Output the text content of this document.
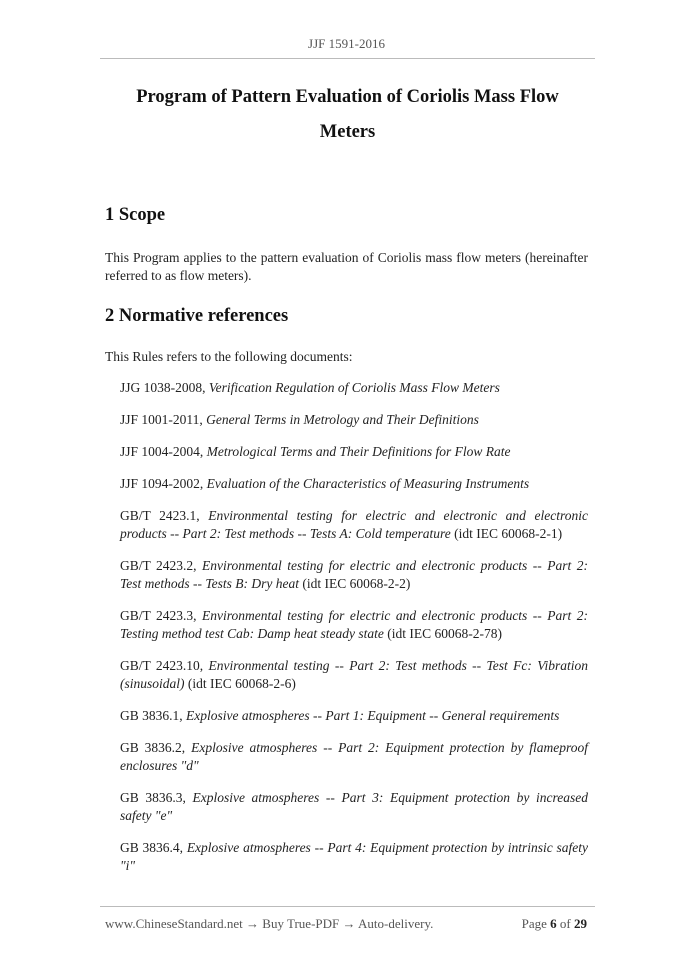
JJF 1591-2016
Program of Pattern Evaluation of Coriolis Mass Flow
Meters
1 Scope
This Program applies to the pattern evaluation of Coriolis mass flow meters (hereinafter referred to as flow meters).
2 Normative references
This Rules refers to the following documents:
JJG 1038-2008, Verification Regulation of Coriolis Mass Flow Meters
JJF 1001-2011, General Terms in Metrology and Their Definitions
JJF 1004-2004, Metrological Terms and Their Definitions for Flow Rate
JJF 1094-2002, Evaluation of the Characteristics of Measuring Instruments
GB/T 2423.1, Environmental testing for electric and electronic and electronic products -- Part 2: Test methods -- Tests A: Cold temperature (idt IEC 60068-2-1)
GB/T 2423.2, Environmental testing for electric and electronic products -- Part 2: Test methods -- Tests B: Dry heat (idt IEC 60068-2-2)
GB/T 2423.3, Environmental testing for electric and electronic products -- Part 2: Testing method test Cab: Damp heat steady state (idt IEC 60068-2-78)
GB/T 2423.10, Environmental testing -- Part 2: Test methods -- Test Fc: Vibration (sinusoidal) (idt IEC 60068-2-6)
GB 3836.1, Explosive atmospheres -- Part 1: Equipment -- General requirements
GB 3836.2, Explosive atmospheres -- Part 2: Equipment protection by flameproof enclosures "d"
GB 3836.3, Explosive atmospheres -- Part 3: Equipment protection by increased safety "e"
GB 3836.4, Explosive atmospheres -- Part 4: Equipment protection by intrinsic safety "i"
www.ChineseStandard.net → Buy True-PDF → Auto-delivery.	Page 6 of 29
